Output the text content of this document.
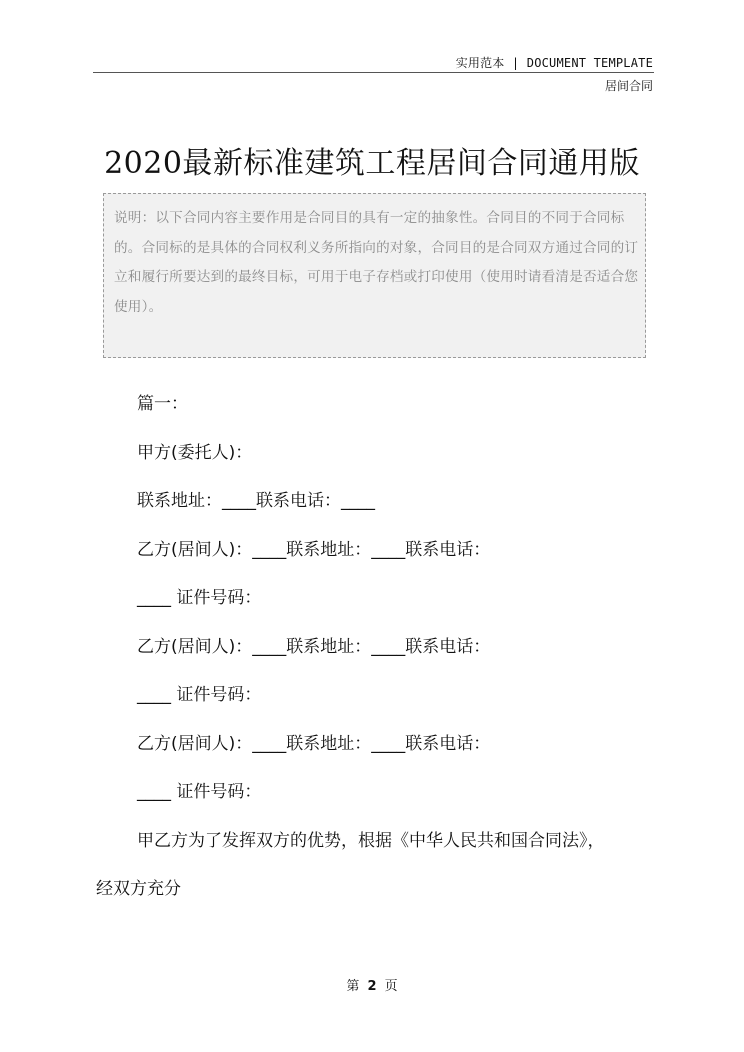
实用范本 | DOCUMENT TEMPLATE
居间合同
2020最新标准建筑工程居间合同通用版
说明：以下合同内容主要作用是合同目的具有一定的抽象性。合同目的不同于合同标的。合同标的是具体的合同权利义务所指向的对象，合同目的是合同双方通过合同的订立和履行所要达到的最终目标，可用于电子存档或打印使用（使用时请看清是否适合您使用）。

篇一：

甲方(委托人)：

联系地址：____联系电话：____

乙方(居间人)：____联系地址：____联系电话：

____ 证件号码：

乙方(居间人)：____联系地址：____联系电话：

____ 证件号码：

乙方(居间人)：____联系地址：____联系电话：

____ 证件号码：

甲乙方为了发挥双方的优势，根据《中华人民共和国合同法》，

经双方充分

第 2 页
